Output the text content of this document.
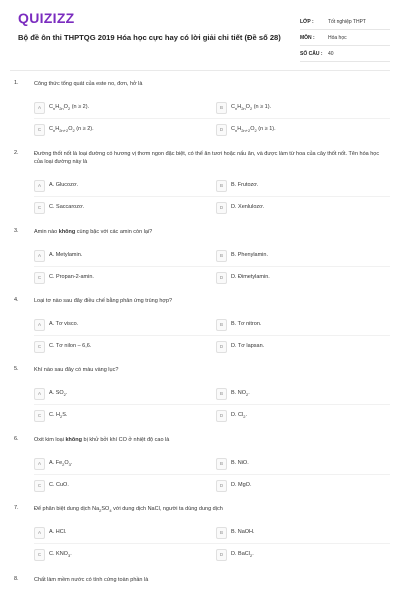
QUIZIZZ
Bộ đề ôn thi THPTQG 2019 Hóa học cực hay có lời giải chi tiết (Đề số 28)
LỚP :	Tốt nghiệp THPT
MÔN :	Hóa học
SỐ CÂU :	40
1.	Công thức tổng quát của este no, đơn, hở là
A	$C_nH_{2n}O_2$ (n ≥ 2).	B	$C_nH_{2n}O_2$ (n ≥ 1).
C	$C_nH_{2n+2}O_2$ (n ≥ 2).	D	$C_nH_{2n+2}O_2$ (n ≥ 1).
2.	Đường thốt nốt là loại đường có hương vị thơm ngon đặc biệt, có thể ăn tươi hoặc nấu ăn, và được làm từ hoa của cây thốt nốt. Tên hóa học của loại đường này là
A	A. Glucozơ.	B	B. Frutozơ.
C	C. Saccarozơ.	D	D. Xenlulozơ.
3.	Amin nào không cùng bậc với các amin còn lại?
A	A. Metylamin.	B	B. Phenylamin.
C	C. Propan-2-amin.	D	D. Đimetylamin.
4.	Loại tơ nào sau đây điều chế bằng phản ứng trùng hợp?
A	A. Tơ visco.	B	B. Tơ nitron.
C	C. Tơ nilon – 6,6.	D	D. Tơ lapsan.
5.	Khí nào sau đây có màu vàng lục?
A	A. $SO_2$.	B	B. $NO_2$.
C	C. $H_2S$.	D	D. $Cl_2$.
6.	Oxit kim loại không bị khử bởi khí CO ở nhiệt độ cao là
A	A. $Fe_2O_3$.	B	B. NiO.
C	C. CuO.	D	D. MgO.
7.	Để phân biệt dung dịch $Na_2SO_4$ với dung dịch NaCl, người ta dùng dung dịch
A	A. HCl.	B	B. NaOH.
C	C. $KNO_3$.	D	D. BaCl$_2$.
8.	Chất làm mềm nước có tính cứng toàn phần là
